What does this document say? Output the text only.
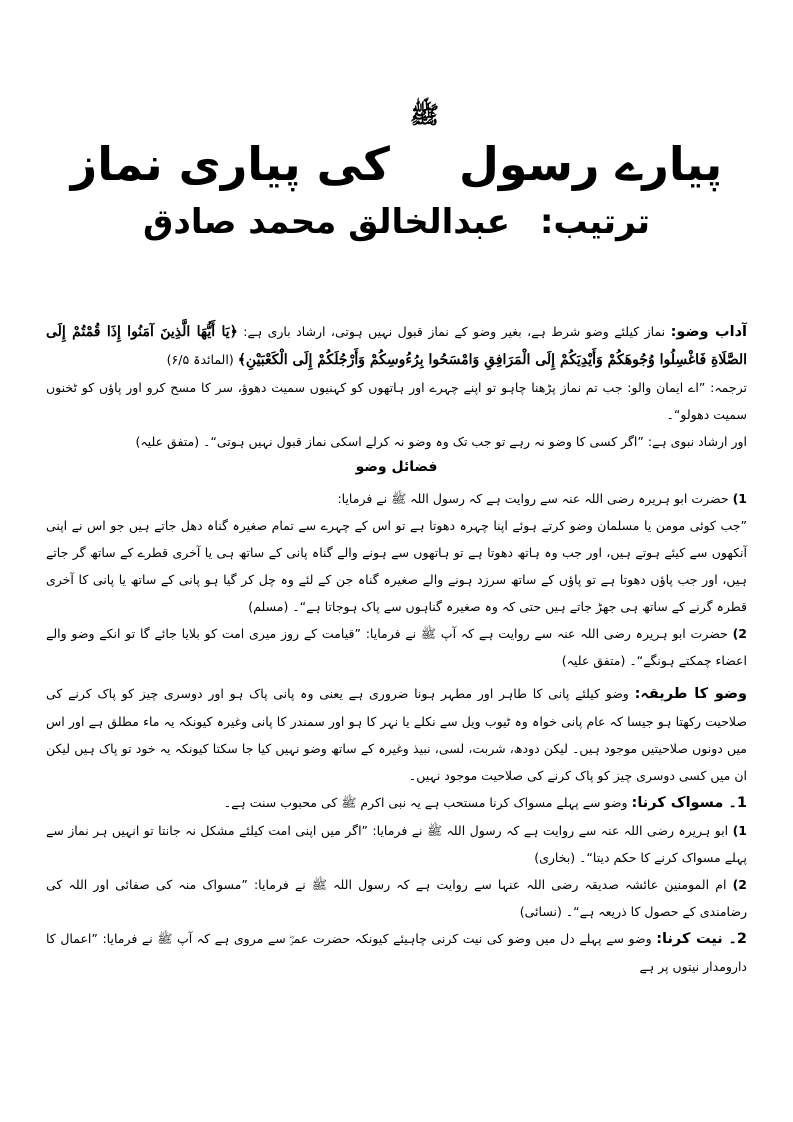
پیارے رسول ﷺ کی پیاری نماز
ترتیب: عبدالخالق محمد صادق

آداب وضو: نماز کیلئے وضو شرط ہے، بغیر وضو کے نماز قبول نہیں ہوتی، ارشاد باری ہے: ﴿يَا أَيُّهَا الَّذِينَ آمَنُوا إِذَا قُمْتُمْ إِلَى الصَّلَاةِ فَاغْسِلُوا وُجُوهَكُمْ وَأَيْدِيَكُمْ إِلَى الْمَرَافِقِ وَامْسَحُوا بِرُءُوسِكُمْ وَأَرْجُلَكُمْ إِلَى الْكَعْبَيْنِ﴾ (المائدۃ ۶/۵)

ترجمہ: ”اے ایمان والو: جب تم نماز پڑھنا چاہو تو اپنے چہرے اور ہاتھوں کو کہنیوں سمیت دھوؤ، سر کا مسح کرو اور پاؤں کو ٹخنوں سمیت دھولو“۔

اور ارشاد نبوی ہے: ”اگر کسی کا وضو نہ رہے تو جب تک وہ وضو نہ کرلے اسکی نماز قبول نہیں ہوتی“۔ (متفق علیہ)

فضائل وضو

1) حضرت ابو ہریرہ رضی اللہ عنہ سے روایت ہے کہ رسول اللہ ﷺ نے فرمایا:

”جب کوئی مومن یا مسلمان وضو کرتے ہوئے اپنا چہرہ دھوتا ہے تو اس کے چہرے سے تمام صغیرہ گناہ دھل جاتے ہیں جو اس نے اپنی آنکھوں سے کیئے ہوتے ہیں، اور جب وہ ہاتھ دھوتا ہے تو ہاتھوں سے ہونے والے گناہ پانی کے ساتھ ہی یا آخری قطرے کے ساتھ گر جاتے ہیں، اور جب پاؤں دھوتا ہے تو پاؤں کے ساتھ سرزد ہونے والے صغیرہ گناہ جن کے لئے وہ چل کر گیا ہو پانی کے ساتھ یا پانی کا آخری قطرہ گرنے کے ساتھ ہی جھڑ جاتے ہیں حتی کہ وہ صغیرہ گناہوں سے پاک ہوجاتا ہے“۔ (مسلم)

2) حضرت ابو ہریرہ رضی اللہ عنہ سے روایت ہے کہ آپ ﷺ نے فرمایا: ”قیامت کے روز میری امت کو بلایا جائے گا تو انکے وضو والے اعضاء چمکتے ہونگے“۔ (متفق علیہ)

وضو کا طریقہ: وضو کیلئے پانی کا طاہر اور مطہر ہونا ضروری ہے یعنی وہ پانی پاک ہو اور دوسری چیز کو پاک کرنے کی صلاحیت رکھتا ہو جیسا کہ عام پانی خواہ وہ ٹیوب ویل سے نکلے یا نہر کا ہو اور سمندر کا پانی وغیرہ کیونکہ یہ ماء مطلق ہے اور اس میں دونوں صلاحیتیں موجود ہیں۔ لیکن دودھ، شربت، لسی، نبیذ وغیرہ کے ساتھ وضو نہیں کیا جا سکتا کیونکہ یہ خود تو پاک ہیں لیکن ان میں کسی دوسری چیز کو پاک کرنے کی صلاحیت موجود نہیں۔

1۔ مسواک کرنا: وضو سے پہلے مسواک کرنا مستحب ہے یہ نبی اکرم ﷺ کی محبوب سنت ہے۔

1) ابو ہریرہ رضی اللہ عنہ سے روایت ہے کہ رسول اللہ ﷺ نے فرمایا: ”اگر میں اپنی امت کیلئے مشکل نہ جانتا تو انہیں ہر نماز سے پہلے مسواک کرنے کا حکم دیتا“۔ (بخاری)

2) ام المومنین عائشہ صدیقہ رضی اللہ عنہا سے روایت ہے کہ رسول اللہ ﷺ نے فرمایا: ”مسواک منہ کی صفائی اور اللہ کی رضامندی کے حصول کا ذریعہ ہے“۔ (نسائی)

2۔ نیت کرنا: وضو سے پہلے دل میں وضو کی نیت کرنی چاہیئے کیونکہ حضرت عمرؓ سے مروی ہے کہ آپ ﷺ نے فرمایا: ”اعمال کا دارومدار نیتوں پر ہے
